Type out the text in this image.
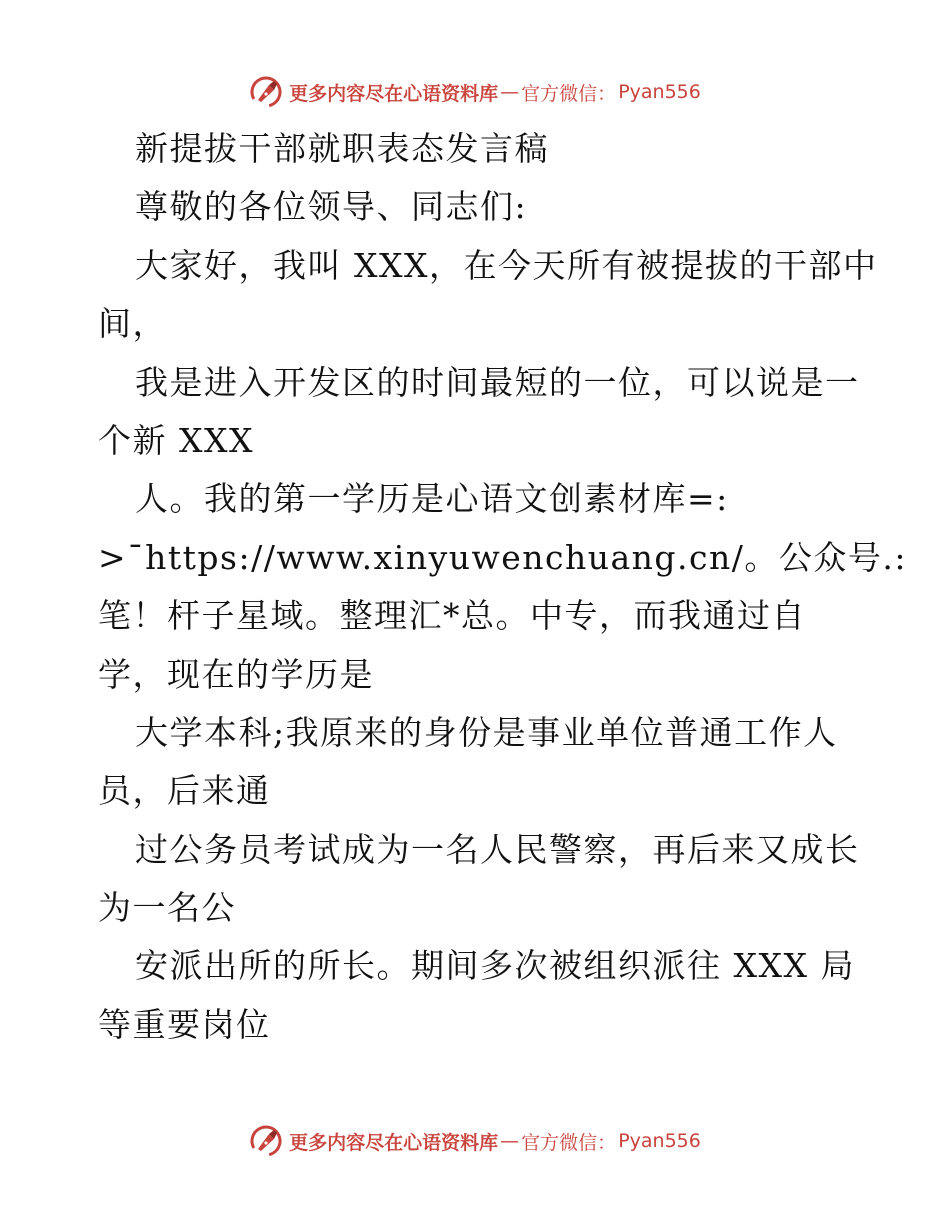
更多内容尽在心语资料库 — 官方微信： Pyan556
新提拔干部就职表态发言稿
尊敬的各位领导、同志们:
大家好，我叫 XXX，在今天所有被提拔的干部中
间，
我是进入开发区的时间最短的一位，可以说是一
个新 XXX
人。我的第一学历是心语文创素材库=:
>¯https://www.xinyuwenchuang.cn/。公众号.:
笔！杆子星域。整理汇*总。中专，而我通过自
学，现在的学历是
大学本科;我原来的身份是事业单位普通工作人
员，后来通
过公务员考试成为一名人民警察，再后来又成长
为一名公
安派出所的所长。期间多次被组织派往 XXX 局
等重要岗位
更多内容尽在心语资料库 — 官方微信： Pyan556
